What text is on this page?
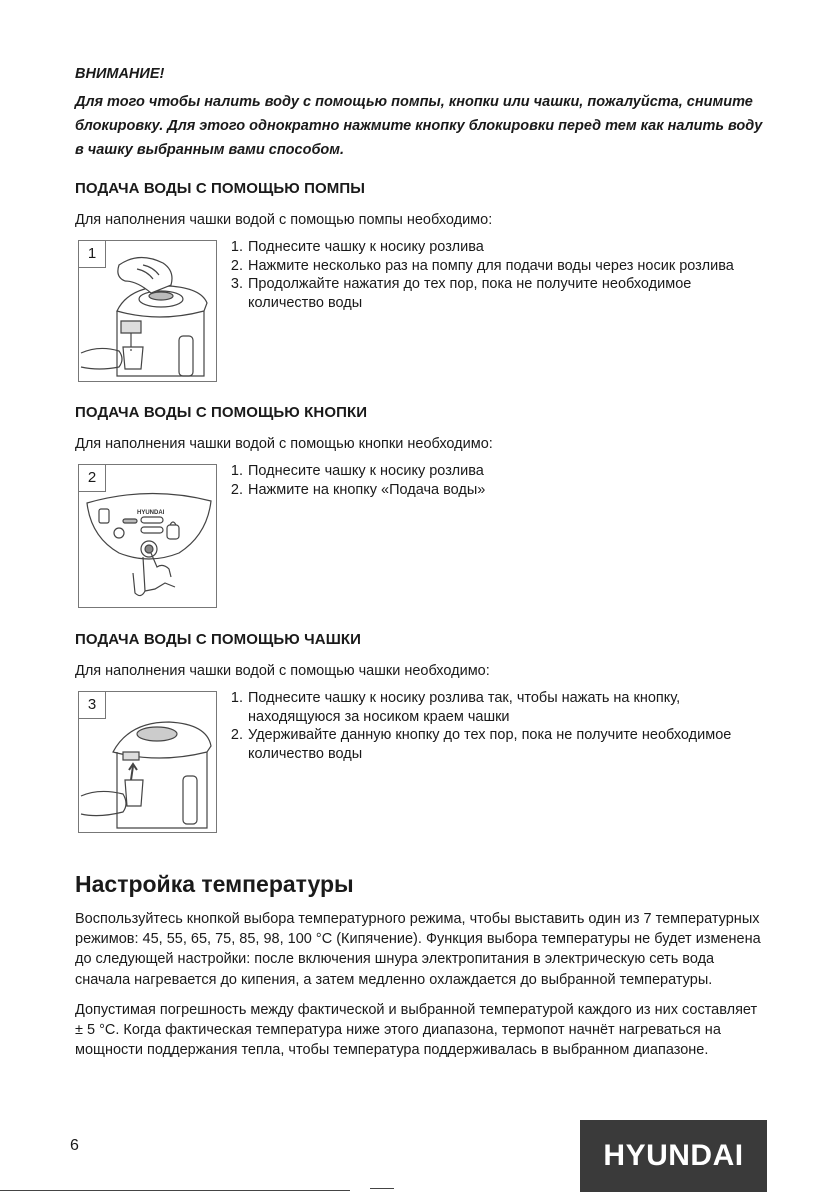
ВНИМАНИЕ!
Для того чтобы налить воду с помощью помпы, кнопки или чашки, пожалуйста, снимите блокировку. Для этого однократно нажмите кнопку блокировки перед тем как налить воду в чашку выбранным вами способом.
ПОДАЧА ВОДЫ С ПОМОЩЬЮ ПОМПЫ
Для наполнения чашки водой с помощью помпы необходимо:
1	1. Поднесите чашку к носику розлива
2. Нажмите несколько раз на помпу для подачи воды через носик розлива
3. Продолжайте нажатия до тех пор, пока не получите необходимое количество воды
ПОДАЧА ВОДЫ С ПОМОЩЬЮ КНОПКИ
Для наполнения чашки водой с помощью кнопки необходимо:
2
HYUNDAI
1. Поднесите чашку к носику розлива
2. Нажмите на кнопку «Подача воды»
ПОДАЧА ВОДЫ С ПОМОЩЬЮ ЧАШКИ
Для наполнения чашки водой с помощью чашки необходимо:
3	1. Поднесите чашку к носику розлива так, чтобы нажать на кнопку, находящуюся за носиком краем чашки
2. Удерживайте данную кнопку до тех пор, пока не получите необходимое количество воды
Настройка температуры
Воспользуйтесь кнопкой выбора температурного режима, чтобы выставить один из 7 температурных режимов: 45, 55, 65, 75, 85, 98, 100 °С (Кипячение). Функция выбора температуры не будет изменена до следующей настройки: после включения шнура электропитания в электрическую сеть вода сначала нагревается до кипения, а затем медленно охлаждается до выбранной температуры.
Допустимая погрешность между фактической и выбранной температурой каждого из них составляет ± 5 °С. Когда фактическая температура ниже этого диапазона, термопот начнёт нагреваться на мощности поддержания тепла, чтобы температура поддерживалась в выбранном диапазоне.
6	HYUNDAI
